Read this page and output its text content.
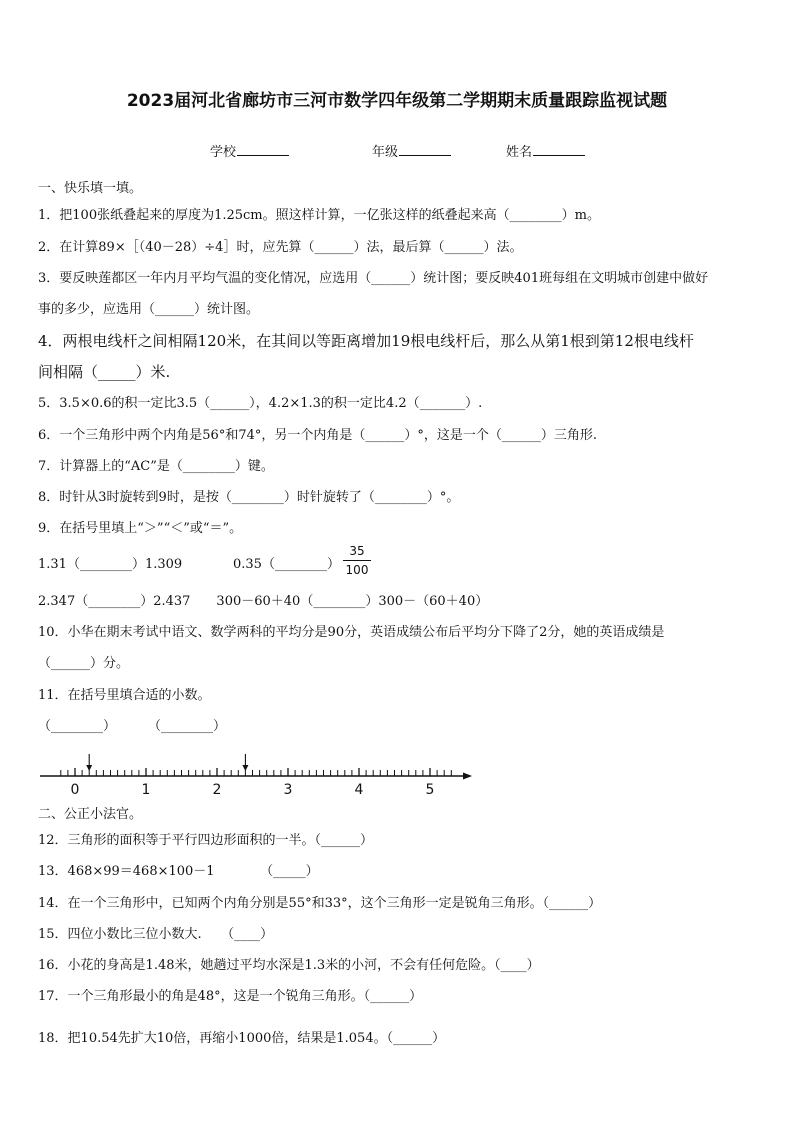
2023届河北省廊坊市三河市数学四年级第二学期期末质量跟踪监视试题
学校	年级	姓名
一、快乐填一填。
1．把100张纸叠起来的厚度为1.25cm。照这样计算，一亿张这样的纸叠起来高（________）m。
2．在计算89×［（40－28）÷4］时，应先算（______）法，最后算（______）法。
3．要反映莲都区一年内月平均气温的变化情况，应选用（______）统计图；要反映401班每组在文明城市创建中做好
事的多少，应选用（______）统计图。
4．两根电线杆之间相隔120米，在其间以等距离增加19根电线杆后，那么从第1根到第12根电线杆
间相隔（_____）米.
5．3.5×0.6的积一定比3.5（______），4.2×1.3的积一定比4.2（_______）.
6．一个三角形中两个内角是56°和74°，另一个内角是（______）°，这是一个（______）三角形.
7．计算器上的“AC”是（________）键。
8．时针从3时旋转到9时，是按（________）时针旋转了（________）°。
9．在括号里填上“＞”“＜”或“＝”。
1.31（________）1.309	0.35（________）
35
100
2.347（________）2.437　　300－60＋40（________）300－（60＋40）
10．小华在期末考试中语文、数学两科的平均分是90分，英语成绩公布后平均分下降了2分，她的英语成绩是
（______）分。
11．在括号里填合适的小数。
（________） （________）
0	1	2	3	4	5
二、公正小法官。
12．三角形的面积等于平行四边形面积的一半。（______）
13．468×99＝468×100－1　　　　（_____）
14．在一个三角形中，已知两个内角分别是55°和33°，这个三角形一定是锐角三角形。（______）
15．四位小数比三位小数大.　　（____）
16．小花的身高是1.48米，她趟过平均水深是1.3米的小河，不会有任何危险。（____）
17．一个三角形最小的角是48°，这是一个锐角三角形。（______）
18．把10.54先扩大10倍，再缩小1000倍，结果是1.054。（______）
